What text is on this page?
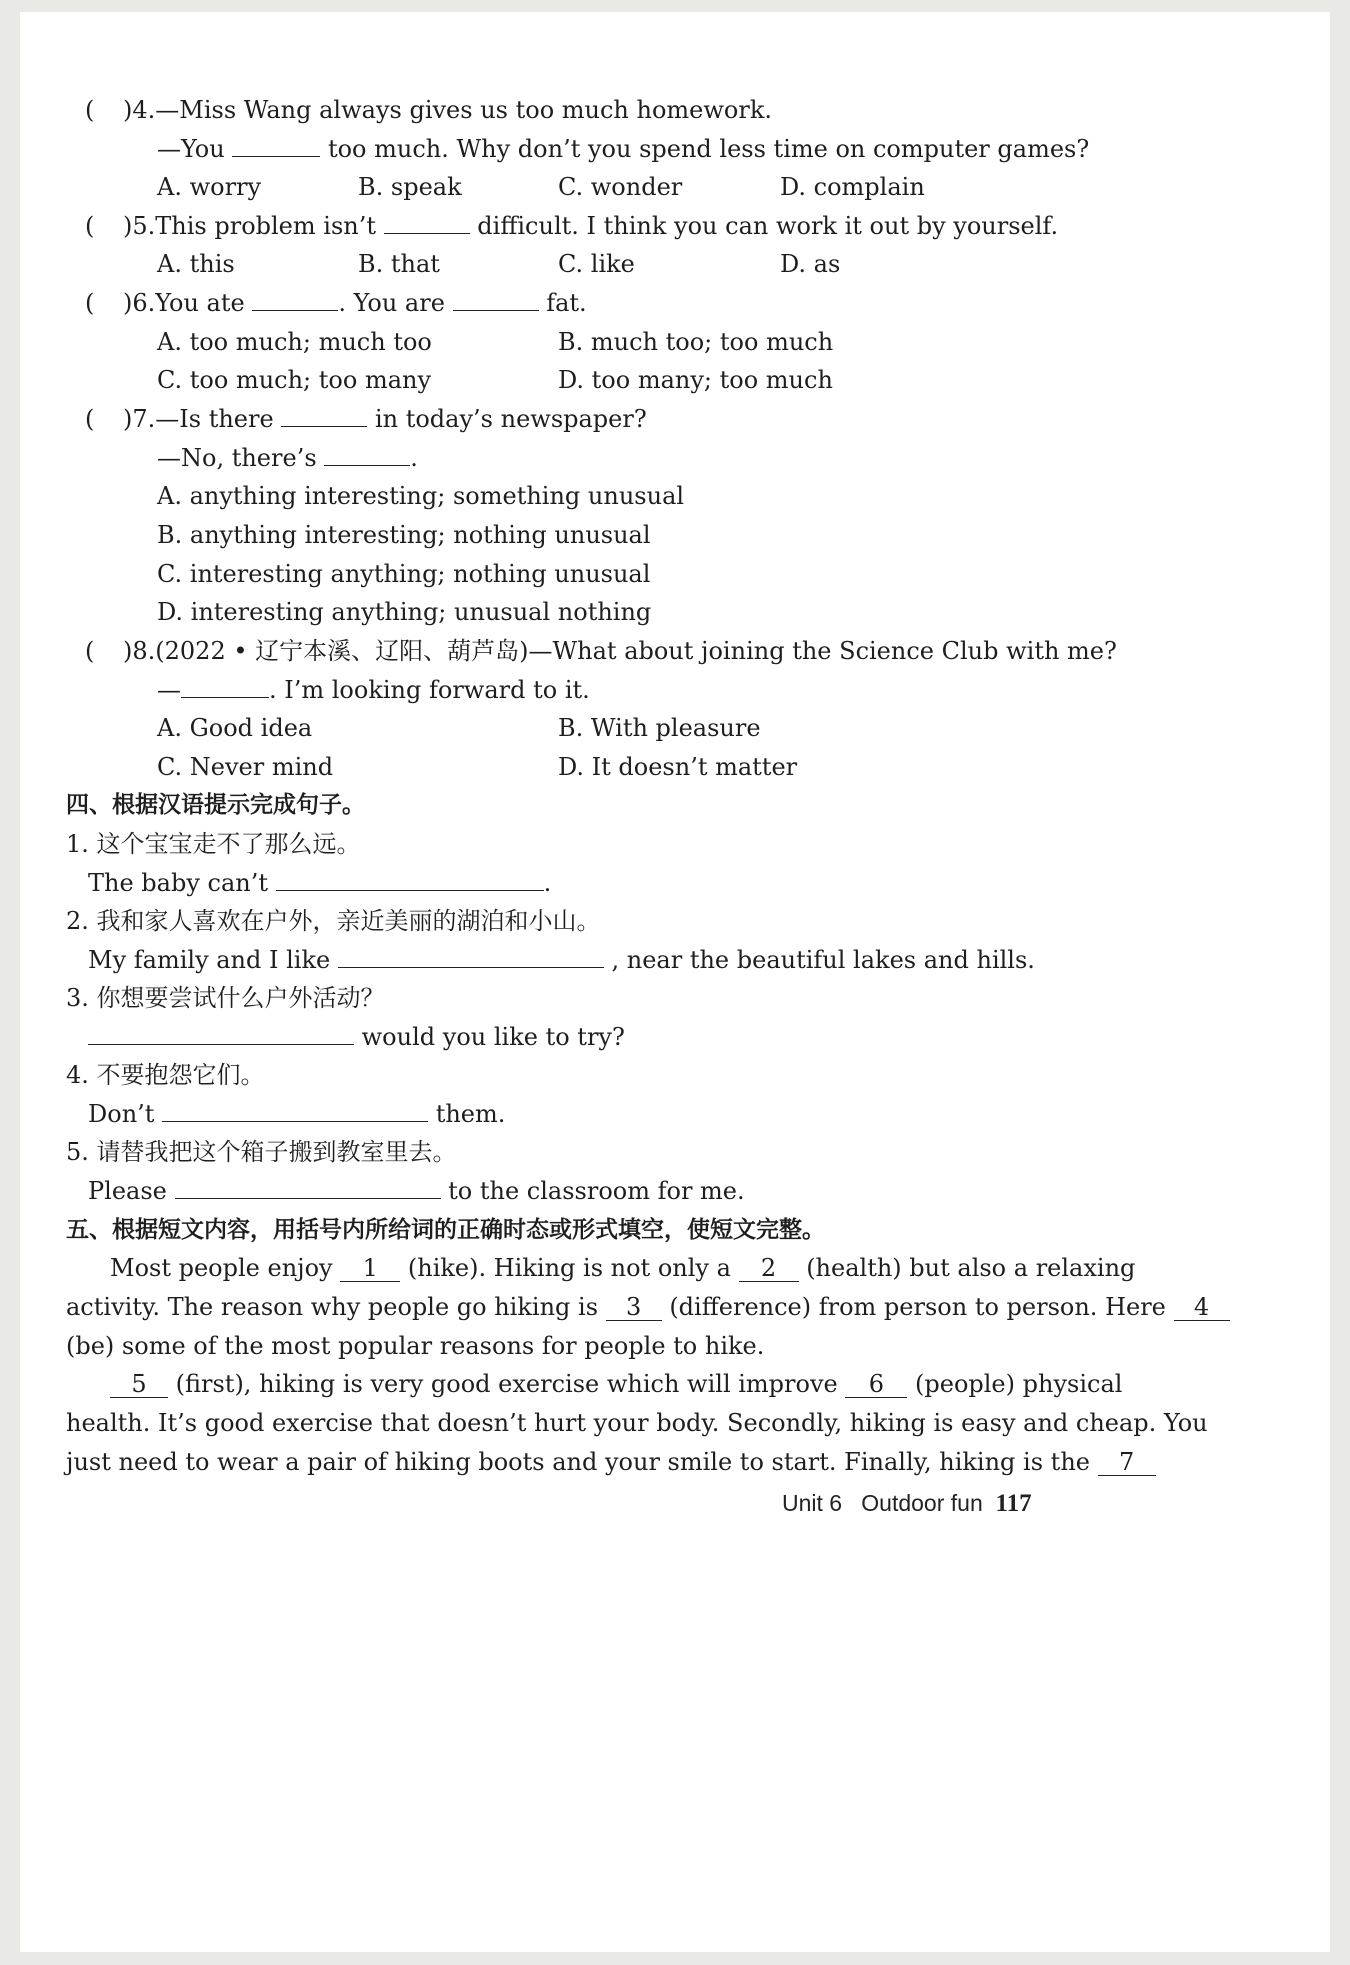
( )4.—Miss Wang always gives us too much homework.
—You	too much. Why don’t you spend less time on computer games?
A. worry	B. speak	C. wonder	D. complain
( )5.This problem isn’t	difficult. I think you can work it out by yourself.
A. this	B. that	C. like	D. as
( )6.You ate	. You are	fat.
A. too much; much too	B. much too; too much
C. too much; too many	D. too many; too much
( )7.—Is there	in today’s newspaper?
—No, there’s	.
A. anything interesting; something unusual
B. anything interesting; nothing unusual
C. interesting anything; nothing unusual
D. interesting anything; unusual nothing
( )8.(2022 • 辽宁本溪、辽阳、葫芦岛)—What about joining the Science Club with me?
—	. I’m looking forward to it.
A. Good idea	B. With pleasure
C. Never mind	D. It doesn’t matter
四、根据汉语提示完成句子。
1. 这个宝宝走不了那么远。
The baby can’t	.
2. 我和家人喜欢在户外，亲近美丽的湖泊和小山。
My family and I like	, near the beautiful lakes and hills.
3. 你想要尝试什么户外活动？
would you like to try?
4. 不要抱怨它们。
Don’t	them.
5. 请替我把这个箱子搬到教室里去。
Please	to the classroom for me.
五、根据短文内容，用括号内所给词的正确时态或形式填空，使短文完整。
Most people enjoy 1 (hike). Hiking is not only a 2 (health) but also a relaxing
activity. The reason why people go hiking is 3 (difference) from person to person. Here 4
(be) some of the most popular reasons for people to hike.
5 (first), hiking is very good exercise which will improve 6 (people) physical
health. It’s good exercise that doesn’t hurt your body. Secondly, hiking is easy and cheap. You
just need to wear a pair of hiking boots and your smile to start. Finally, hiking is the 7
Unit 6 Outdoor fun 117
